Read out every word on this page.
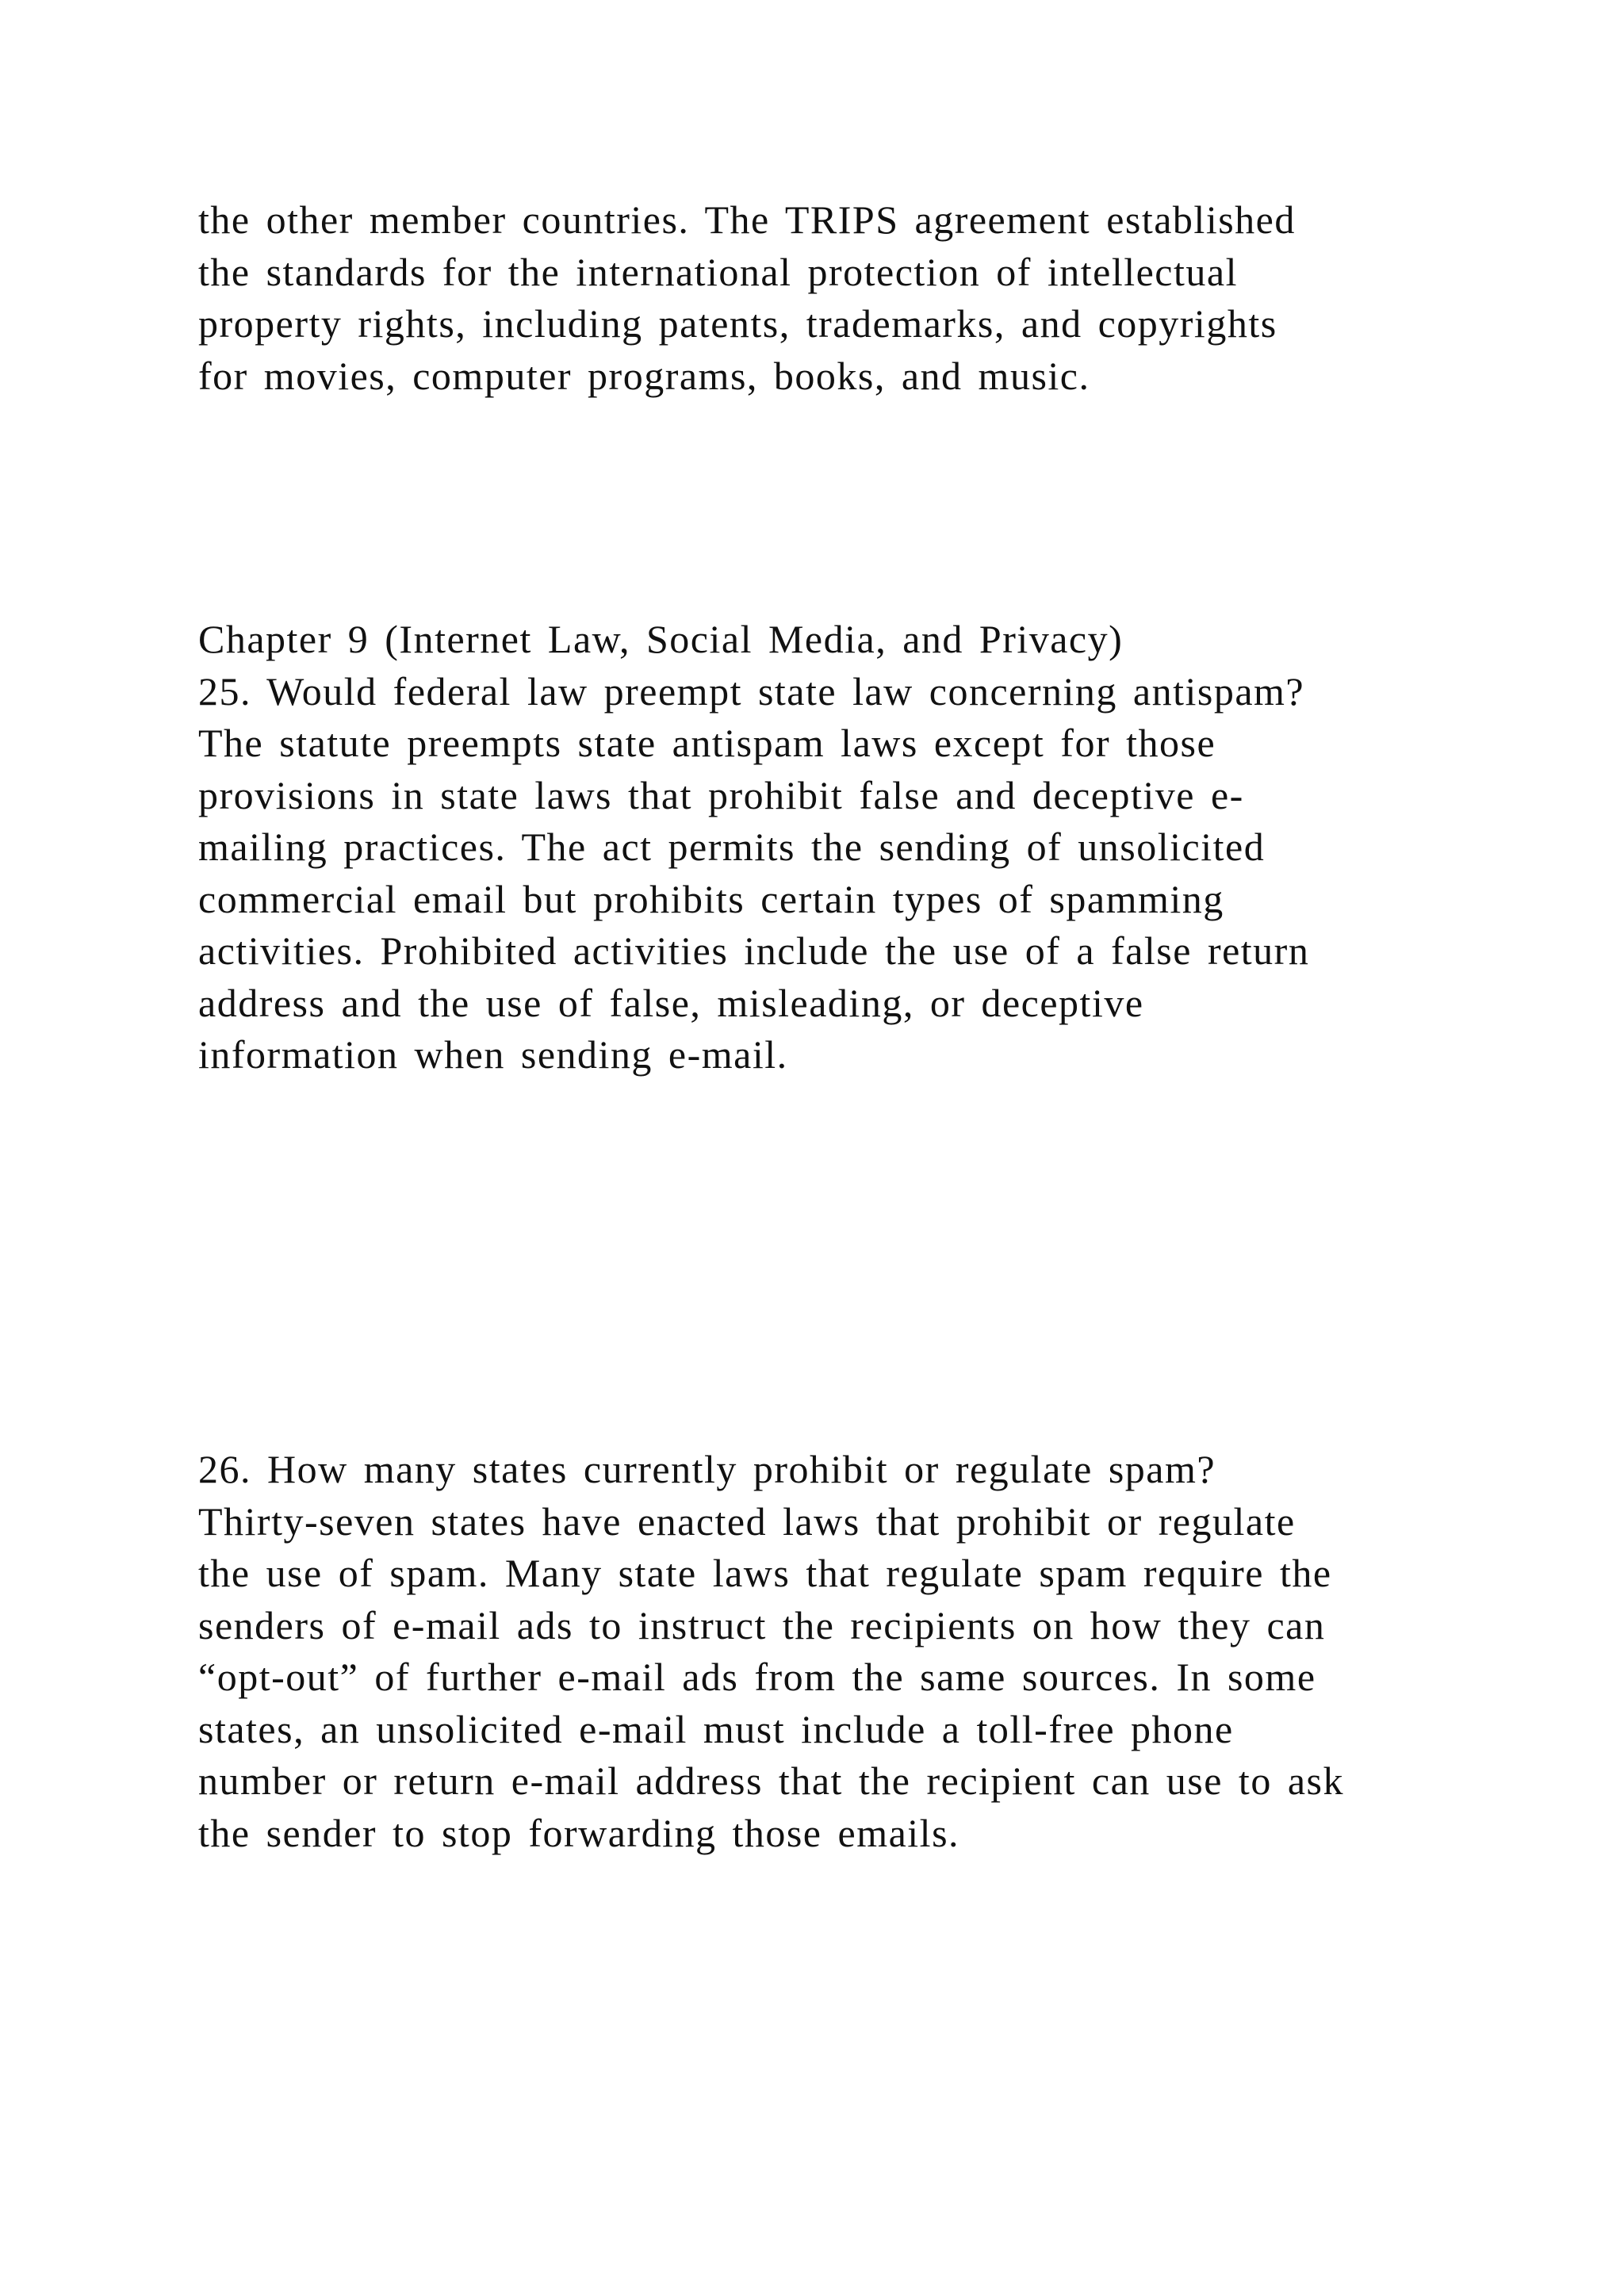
the other member countries. The TRIPS agreement established
the standards for the international protection of intellectual
property rights, including patents, trademarks, and copyrights
for movies, computer programs, books, and music.
Chapter 9 (Internet Law, Social Media, and Privacy)
25. Would federal law preempt state law concerning antispam?
The statute preempts state antispam laws except for those
provisions in state laws that prohibit false and deceptive e-
mailing practices. The act permits the sending of unsolicited
commercial email but prohibits certain types of spamming
activities. Prohibited activities include the use of a false return
address and the use of false, misleading, or deceptive
information when sending e-mail.
26. How many states currently prohibit or regulate spam?
Thirty-seven states have enacted laws that prohibit or regulate
the use of spam. Many state laws that regulate spam require the
senders of e-mail ads to instruct the recipients on how they can
“opt-out” of further e-mail ads from the same sources. In some
states, an unsolicited e-mail must include a toll-free phone
number or return e-mail address that the recipient can use to ask
the sender to stop forwarding those emails.
